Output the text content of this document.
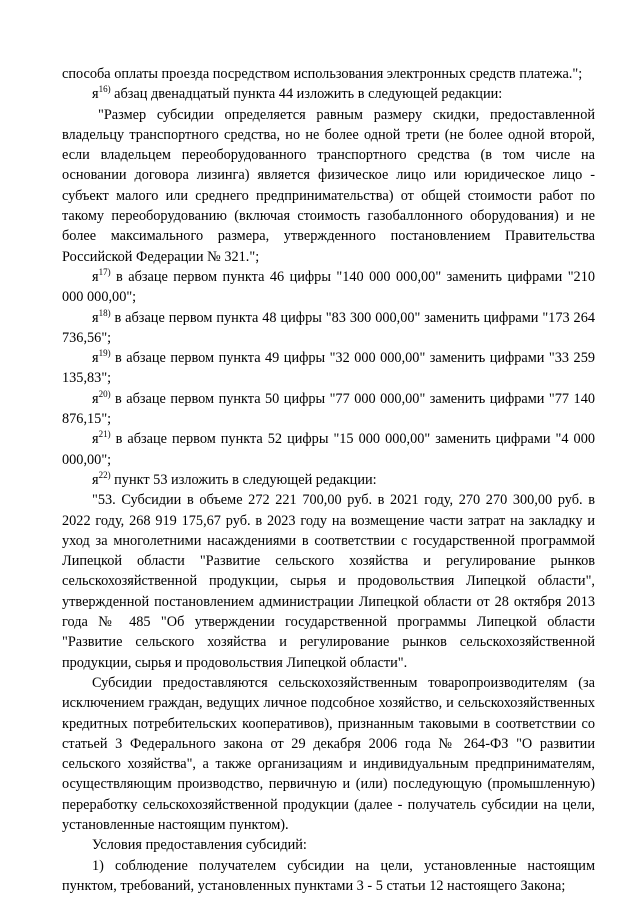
способа оплаты проезда посредством использования электронных средств платежа.";

$я^{16)}$ абзац двенадцатый пункта 44 изложить в следующей редакции:

"Размер субсидии определяется равным размеру скидки, предоставленной владельцу транспортного средства, но не более одной трети (не более одной второй, если владельцем переоборудованного транспортного средства (в том числе на основании договора лизинга) является физическое лицо или юридическое лицо - субъект малого или среднего предпринимательства) от общей стоимости работ по такому переоборудованию (включая стоимость газобаллонного оборудования) и не более максимального размера, утвержденного постановлением Правительства Российской Федерации № 321.";

$я^{17)}$ в абзаце первом пункта 46 цифры "140 000 000,00" заменить цифрами "210 000 000,00";

$я^{18)}$ в абзаце первом пункта 48 цифры "83 300 000,00" заменить цифрами "173 264 736,56";

$я^{19)}$ в абзаце первом пункта 49 цифры "32 000 000,00" заменить цифрами "33 259 135,83";

$я^{20)}$ в абзаце первом пункта 50 цифры "77 000 000,00" заменить цифрами "77 140 876,15";

$я^{21)}$ в абзаце первом пункта 52 цифры "15 000 000,00" заменить цифрами "4 000 000,00";

$я^{22)}$ пункт 53 изложить в следующей редакции:

"53. Субсидии в объеме 272 221 700,00 руб. в 2021 году, 270 270 300,00 руб. в 2022 году, 268 919 175,67 руб. в 2023 году на возмещение части затрат на закладку и уход за многолетними насаждениями в соответствии с государственной программой Липецкой области "Развитие сельского хозяйства и регулирование рынков сельскохозяйственной продукции, сырья и продовольствия Липецкой области", утвержденной постановлением администрации Липецкой области от 28 октября 2013 года № 485 "Об утверждении государственной программы Липецкой области "Развитие сельского хозяйства и регулирование рынков сельскохозяйственной продукции, сырья и продовольствия Липецкой области".

Субсидии предоставляются сельскохозяйственным товаропроизводителям (за исключением граждан, ведущих личное подсобное хозяйство, и сельскохозяйственных кредитных потребительских кооперативов), признанным таковыми в соответствии со статьей 3 Федерального закона от 29 декабря 2006 года № 264-ФЗ "О развитии сельского хозяйства", а также организациям и индивидуальным предпринимателям, осуществляющим производство, первичную и (или) последующую (промышленную) переработку сельскохозяйственной продукции (далее - получатель субсидии на цели, установленные настоящим пунктом).

Условия предоставления субсидий:

1) соблюдение получателем субсидии на цели, установленные настоящим пунктом, требований, установленных пунктами 3 - 5 статьи 12 настоящего Закона;
